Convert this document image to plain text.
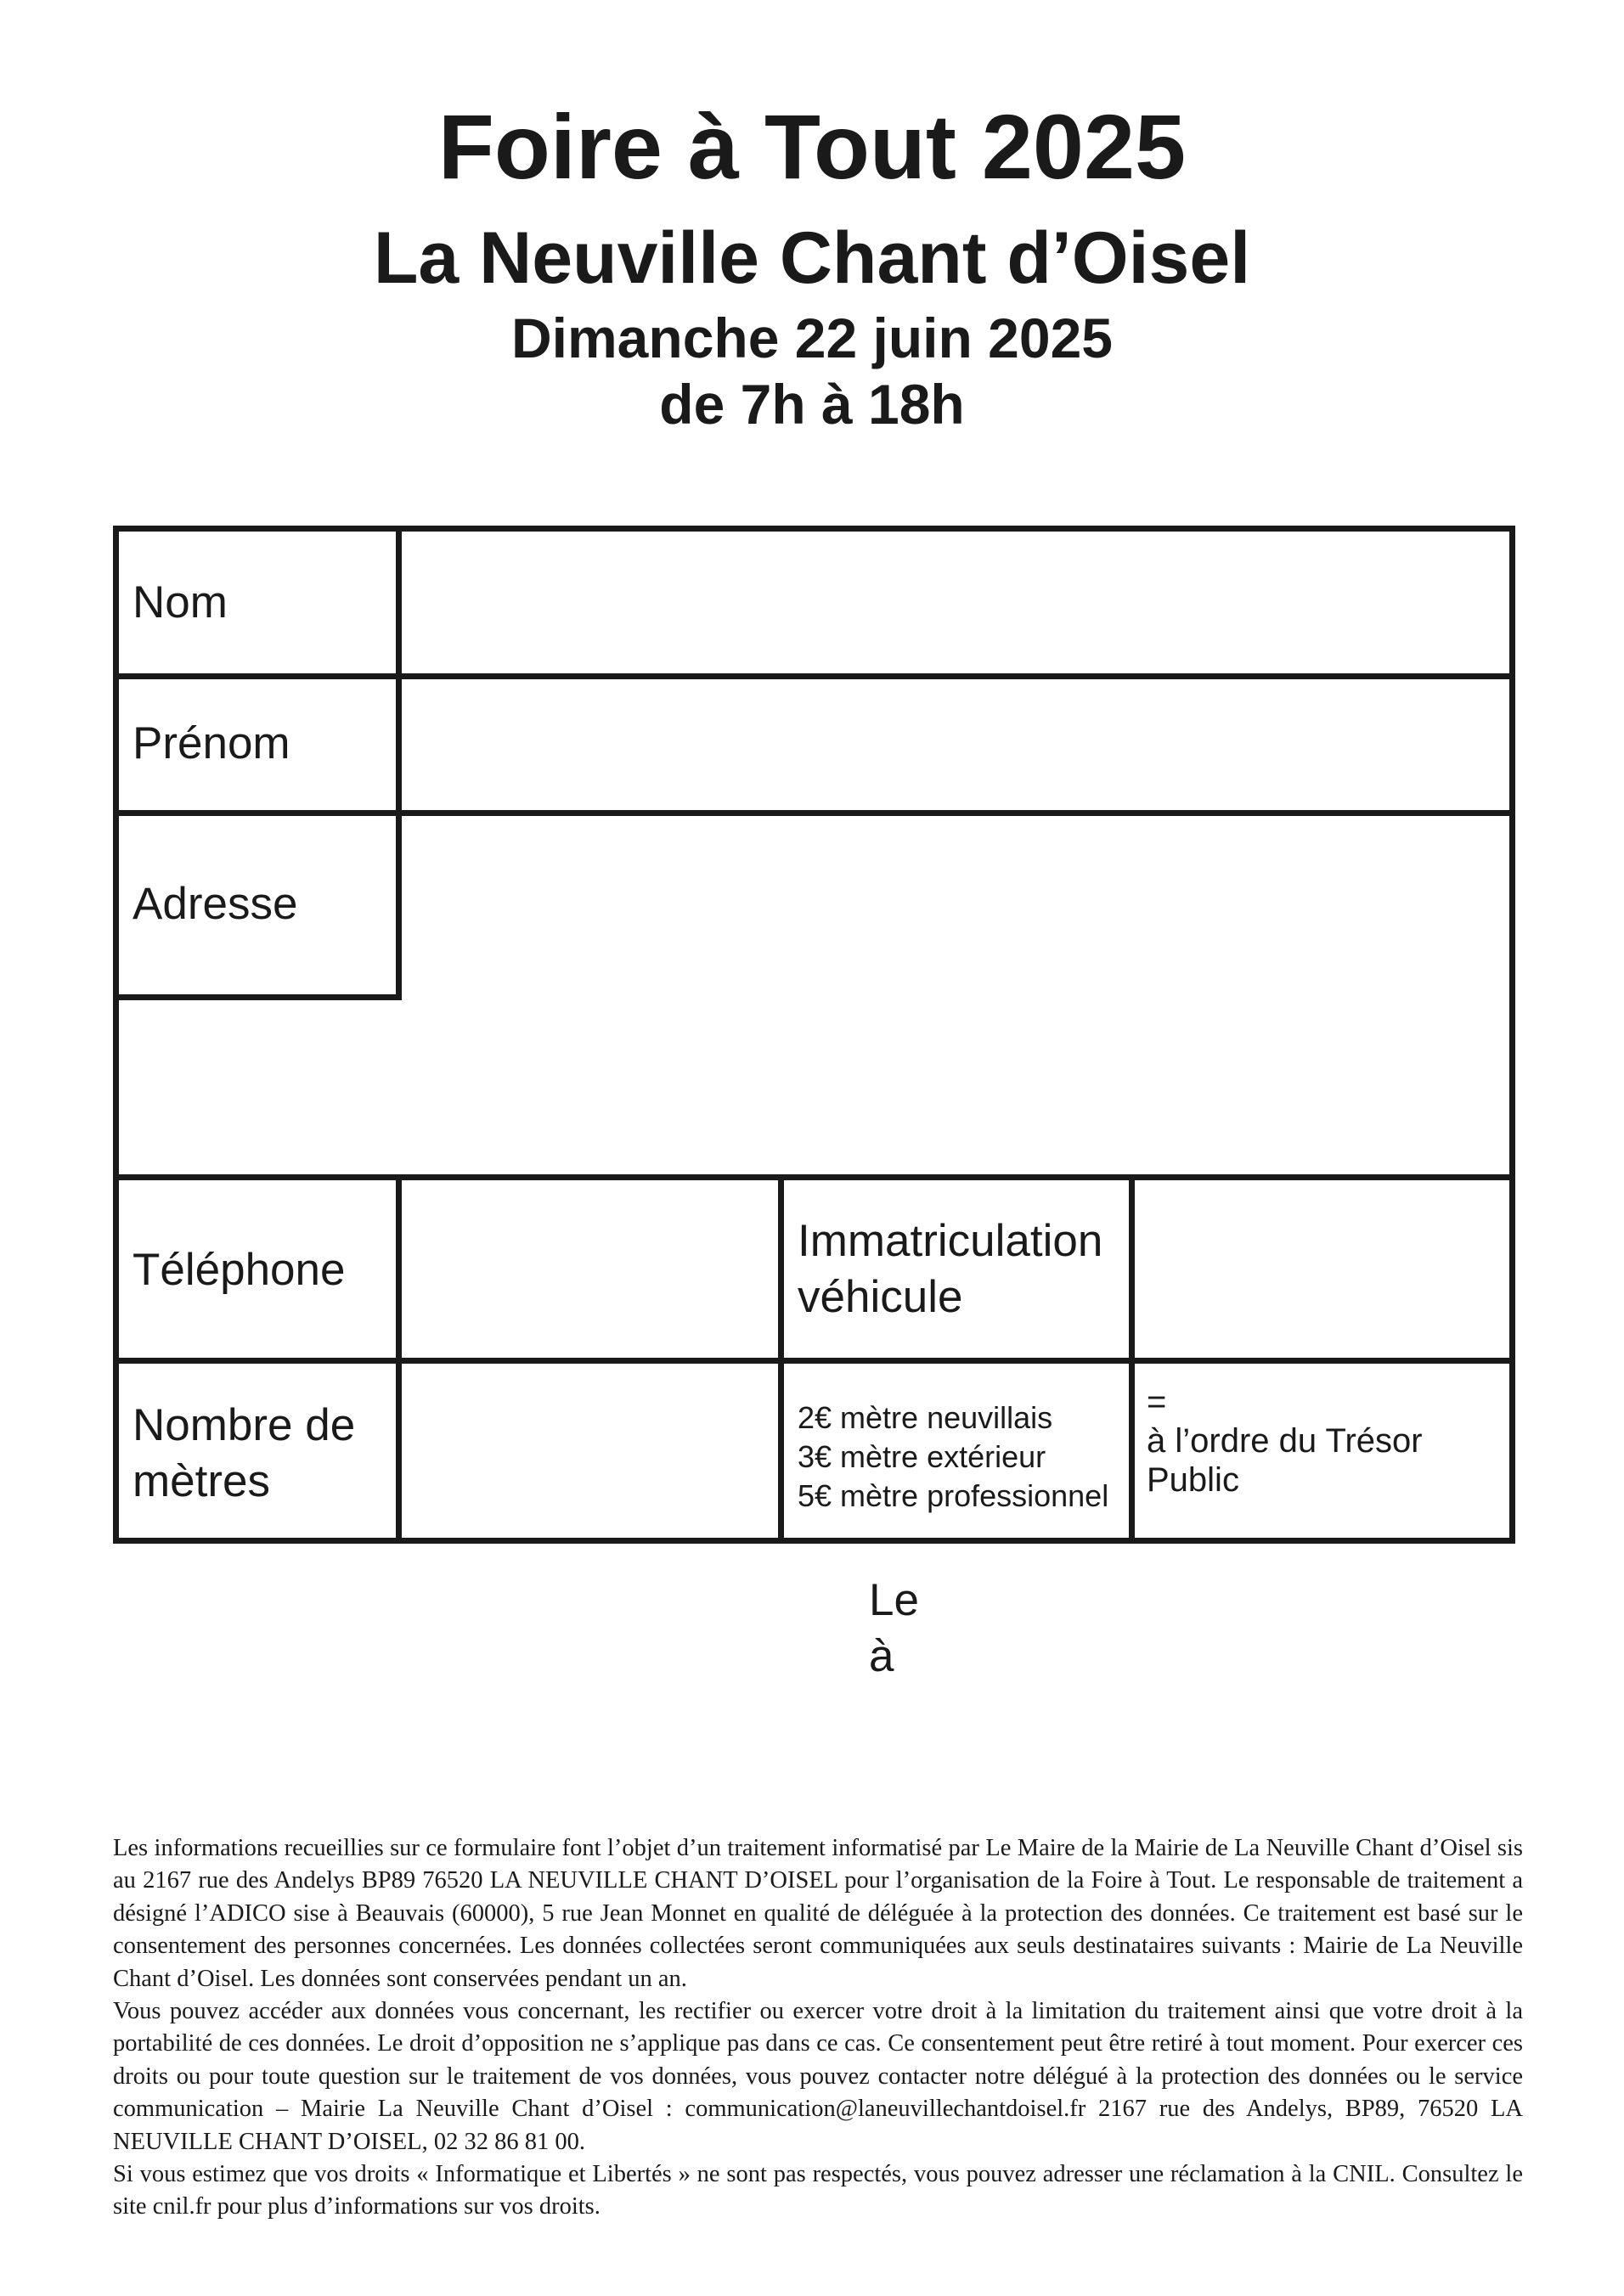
Foire à Tout 2025
La Neuville Chant d’Oisel
Dimanche 22 juin 2025
de 7h à 18h
Nom
Prénom
Adresse
Téléphone
Immatriculation
véhicule
Nombre de
mètres
2€ mètre neuvillais
3€ mètre extérieur
5€ mètre professionnel
=
à l’ordre du Trésor
Public
Le
à

Les informations recueillies sur ce formulaire font l’objet d’un traitement informatisé par Le Maire de la Mairie de La Neuville Chant d’Oisel sis au 2167 rue des Andelys BP89 76520 LA NEUVILLE CHANT D’OISEL pour l’organisation de la Foire à Tout. Le responsable de traitement a désigné l’ADICO sise à Beauvais (60000), 5 rue Jean Monnet en qualité de déléguée à la protection des données. Ce traitement est basé sur le consentement des personnes concernées. Les données collectées seront communiquées aux seuls destinataires suivants : Mairie de La Neuville Chant d’Oisel. Les données sont conservées pendant un an.

Vous pouvez accéder aux données vous concernant, les rectifier ou exercer votre droit à la limitation du traitement ainsi que votre droit à la portabilité de ces données. Le droit d’opposition ne s’applique pas dans ce cas. Ce consentement peut être retiré à tout moment. Pour exercer ces droits ou pour toute question sur le traitement de vos données, vous pouvez contacter notre délégué à la protection des données ou le service communication – Mairie La Neuville Chant d’Oisel : communication@laneuvillechantdoisel.fr 2167 rue des Andelys, BP89, 76520 LA NEUVILLE CHANT D’OISEL, 02 32 86 81 00.

Si vous estimez que vos droits « Informatique et Libertés » ne sont pas respectés, vous pouvez adresser une réclamation à la CNIL. Consultez le site cnil.fr pour plus d’informations sur vos droits.
